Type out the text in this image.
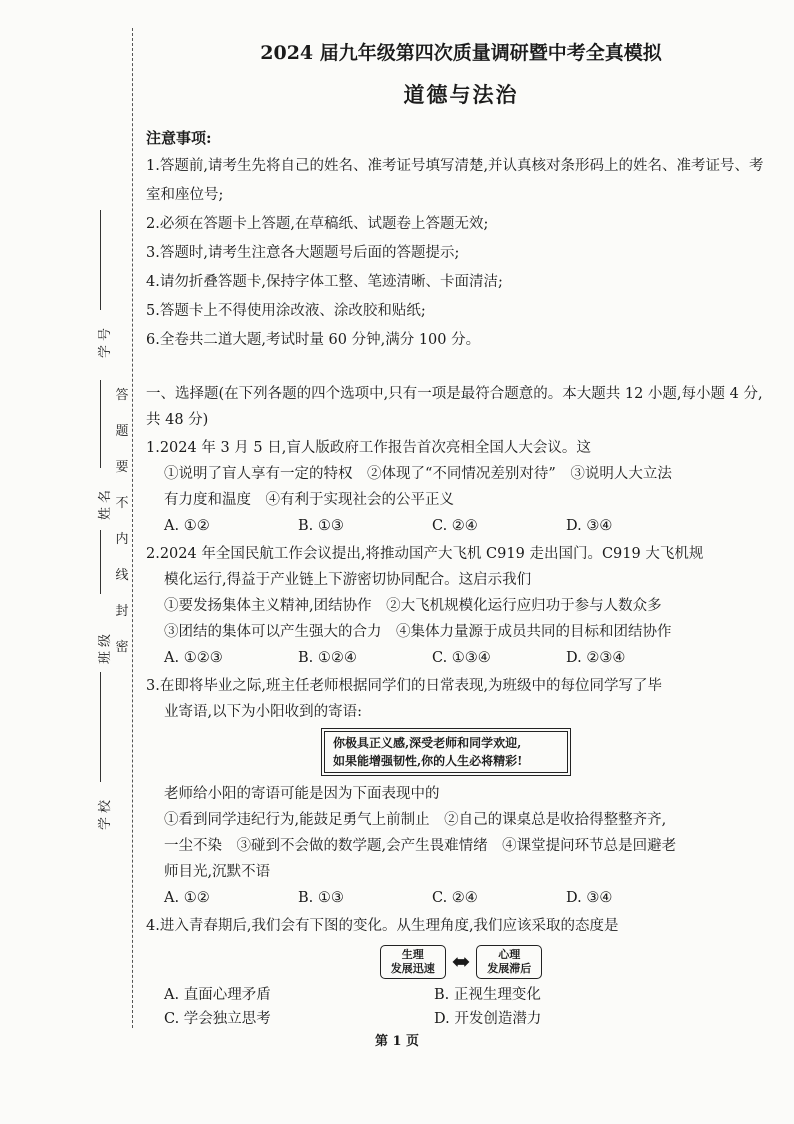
学号
姓名
班级
学校
答
题
要
不
内
线
封
密
2024 届九年级第四次质量调研暨中考全真模拟
道德与法治
注意事项:
1.答题前,请考生先将自己的姓名、准考证号填写清楚,并认真核对条形码上的姓名、准考证号、考室和座位号;
2.必须在答题卡上答题,在草稿纸、试题卷上答题无效;
3.答题时,请考生注意各大题题号后面的答题提示;
4.请勿折叠答题卡,保持字体工整、笔迹清晰、卡面清洁;
5.答题卡上不得使用涂改液、涂改胶和贴纸;
6.全卷共二道大题,考试时量 60 分钟,满分 100 分。
一、选择题(在下列各题的四个选项中,只有一项是最符合题意的。本大题共 12 小题,每小题 4 分,共 48 分)
1.2024 年 3 月 5 日,盲人版政府工作报告首次亮相全国人大会议。这
①说明了盲人享有一定的特权　②体现了“不同情况差别对待”　③说明人大立法
有力度和温度　④有利于实现社会的公平正义
A. ①②	B. ①③	C. ②④	D. ③④
2.2024 年全国民航工作会议提出,将推动国产大飞机 C919 走出国门。C919 大飞机规
模化运行,得益于产业链上下游密切协同配合。这启示我们
①要发扬集体主义精神,团结协作　②大飞机规模化运行应归功于参与人数众多
③团结的集体可以产生强大的合力　④集体力量源于成员共同的目标和团结协作
A. ①②③	B. ①②④	C. ①③④	D. ②③④
3.在即将毕业之际,班主任老师根据同学们的日常表现,为班级中的每位同学写了毕
业寄语,以下为小阳收到的寄语:
你极具正义感,深受老师和同学欢迎,
如果能增强韧性,你的人生必将精彩!
老师给小阳的寄语可能是因为下面表现中的
①看到同学违纪行为,能鼓足勇气上前制止　②自己的课桌总是收拾得整整齐齐,
一尘不染　③碰到不会做的数学题,会产生畏难情绪　④课堂提问环节总是回避老
师目光,沉默不语
A. ①②	B. ①③	C. ②④	D. ③④
4.进入青春期后,我们会有下图的变化。从生理角度,我们应该采取的态度是
生理
发展迅速 ⬌	心理
发展滞后
A. 直面心理矛盾	B. 正视生理变化
C. 学会独立思考	D. 开发创造潜力
第 1 页
